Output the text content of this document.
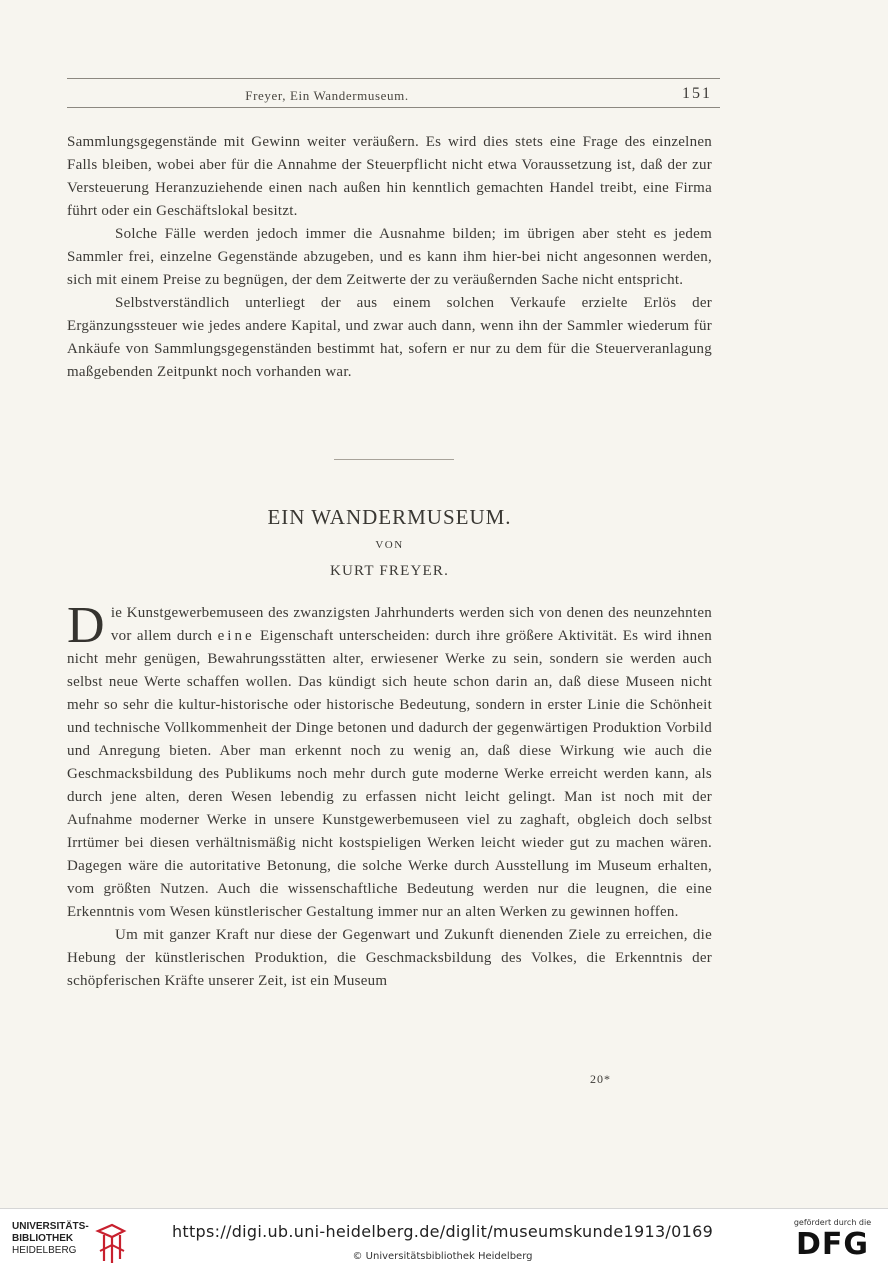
Freyer, Ein Wandermuseum.	151

Sammlungsgegenstände mit Gewinn weiter veräußern. Es wird dies stets eine Frage des einzelnen Falls bleiben, wobei aber für die Annahme der Steuerpflicht nicht etwa Voraussetzung ist, daß der zur Versteuerung Heranzuziehende einen nach außen hin kenntlich gemachten Handel treibt, eine Firma führt oder ein Geschäftslokal besitzt.

Solche Fälle werden jedoch immer die Ausnahme bilden; im übrigen aber steht es jedem Sammler frei, einzelne Gegenstände abzugeben, und es kann ihm hier-bei nicht angesonnen werden, sich mit einem Preise zu begnügen, der dem Zeitwerte der zu veräußernden Sache nicht entspricht.

Selbstverständlich unterliegt der aus einem solchen Verkaufe erzielte Erlös der Ergänzungssteuer wie jedes andere Kapital, und zwar auch dann, wenn ihn der Sammler wiederum für Ankäufe von Sammlungsgegenständen bestimmt hat, sofern er nur zu dem für die Steuerveranlagung maßgebenden Zeitpunkt noch vorhanden war.

EIN WANDERMUSEUM.
VON
KURT FREYER.

Die Kunstgewerbemuseen des zwanzigsten Jahrhunderts werden sich von denen des neunzehnten vor allem durch eine Eigenschaft unterscheiden: durch ihre größere Aktivität. Es wird ihnen nicht mehr genügen, Bewahrungsstätten alter, erwiesener Werke zu sein, sondern sie werden auch selbst neue Werte schaffen wollen. Das kündigt sich heute schon darin an, daß diese Museen nicht mehr so sehr die kultur-historische oder historische Bedeutung, sondern in erster Linie die Schönheit und technische Vollkommenheit der Dinge betonen und dadurch der gegenwärtigen Produktion Vorbild und Anregung bieten. Aber man erkennt noch zu wenig an, daß diese Wirkung wie auch die Geschmacksbildung des Publikums noch mehr durch gute moderne Werke erreicht werden kann, als durch jene alten, deren Wesen lebendig zu erfassen nicht leicht gelingt. Man ist noch mit der Aufnahme moderner Werke in unsere Kunstgewerbemuseen viel zu zaghaft, obgleich doch selbst Irrtümer bei diesen verhältnismäßig nicht kostspieligen Werken leicht wieder gut zu machen wären. Dagegen wäre die autoritative Betonung, die solche Werke durch Ausstellung im Museum erhalten, vom größten Nutzen. Auch die wissenschaftliche Bedeutung werden nur die leugnen, die eine Erkenntnis vom Wesen künstlerischer Gestaltung immer nur an alten Werken zu gewinnen hoffen.

Um mit ganzer Kraft nur diese der Gegenwart und Zukunft dienenden Ziele zu erreichen, die Hebung der künstlerischen Produktion, die Geschmacksbildung des Volkes, die Erkenntnis der schöpferischen Kräfte unserer Zeit, ist ein Museum

20*
UNIVERSITÄTS-
BIBLIOTHEK
HEIDELBERG
https://digi.ub.uni-heidelberg.de/diglit/museumskunde1913/0169
© Universitätsbibliothek Heidelberg
gefördert durch die
DFG
